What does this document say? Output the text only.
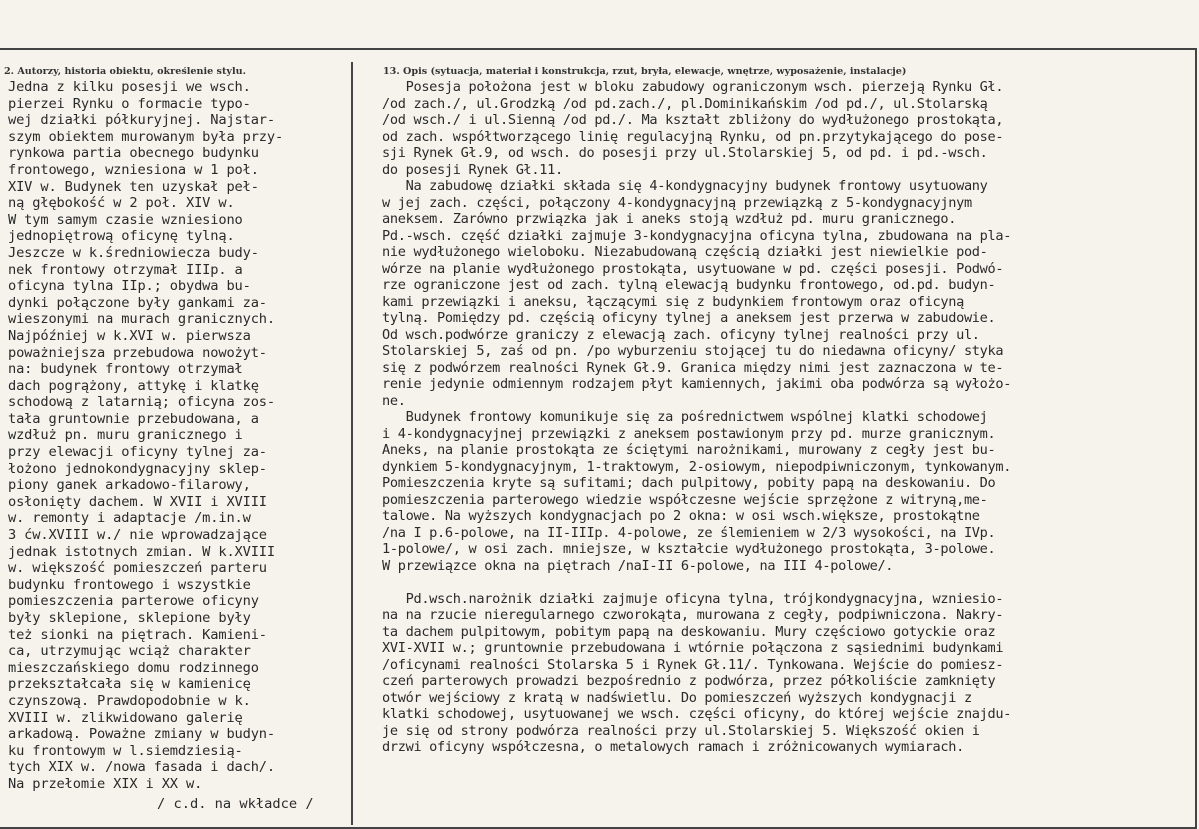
2. Autorzy, historia obiektu, określenie stylu.	13. Opis (sytuacja, materiał i konstrukcja, rzut, bryła, elewacje, wnętrze, wyposażenie, instalacje)
Jedna z kilku posesji we wsch.
pierzei Rynku o formacie typo-
wej działki półkuryjnej. Najstar-
szym obiektem murowanym była przy-
rynkowa partia obecnego budynku
frontowego, wzniesiona w 1 poł.
XIV w. Budynek ten uzyskał peł-
ną głębokość w 2 poł. XIV w.
W tym samym czasie wzniesiono
jednopiętrową oficynę tylną.
Jeszcze w k.średniowiecza budy-
nek frontowy otrzymał IIIp. a
oficyna tylna IIp.; obydwa bu-
dynki połączone były gankami za-
wieszonymi na murach granicznych.
Najpóźniej w k.XVI w. pierwsza
poważniejsza przebudowa nowożyt-
na: budynek frontowy otrzymał
dach pogrążony, attykę i klatkę
schodową z latarnią; oficyna zos-
tała gruntownie przebudowana, a
wzdłuż pn. muru granicznego i
przy elewacji oficyny tylnej za-
łożono jednokondygnacyjny sklep-
piony ganek arkadowo-filarowy,
osłonięty dachem. W XVII i XVIII
w. remonty i adaptacje /m.in.w
3 ćw.XVIII w./ nie wprowadzające
jednak istotnych zmian. W k.XVIII
w. większość pomieszczeń parteru
budynku frontowego i wszystkie
pomieszczenia parterowe oficyny
były sklepione, sklepione były
też sionki na piętrach. Kamieni-
ca, utrzymując wciąż charakter
mieszczańskiego domu rodzinnego
przekształcała się w kamienicę
czynszową. Prawdopodobnie w k.
XVIII w. zlikwidowano galerię
arkadową. Poważne zmiany w budyn-
ku frontowym w l.siemdziesią-
tych XIX w. /nowa fasada i dach/.
Na przełomie XIX i XX w.
Posesja położona jest w bloku zabudowy ograniczonym wsch. pierzeją Rynku Gł.
/od zach./, ul.Grodzką /od pd.zach./, pl.Dominikańskim /od pd./, ul.Stolarską
/od wsch./ i ul.Sienną /od pd./. Ma kształt zbliżony do wydłużonego prostokąta,
od zach. współtworzącego linię regulacyjną Rynku, od pn.przytykającego do pose-
sji Rynek Gł.9, od wsch. do posesji przy ul.Stolarskiej 5, od pd. i pd.-wsch.
do posesji Rynek Gł.11.
Na zabudowę działki składa się 4-kondygnacyjny budynek frontowy usytuowany
w jej zach. części, połączony 4-kondygnacyjną przewiązką z 5-kondygnacyjnym
aneksem. Zarówno przwiązka jak i aneks stoją wzdłuż pd. muru granicznego.
Pd.-wsch. część działki zajmuje 3-kondygnacyjna oficyna tylna, zbudowana na pla-
nie wydłużonego wieloboku. Niezabudowaną częścią działki jest niewielkie pod-
wórze na planie wydłużonego prostokąta, usytuowane w pd. części posesji. Podwó-
rze ograniczone jest od zach. tylną elewacją budynku frontowego, od.pd. budyn-
kami przewiązki i aneksu, łączącymi się z budynkiem frontowym oraz oficyną
tylną. Pomiędzy pd. częścią oficyny tylnej a aneksem jest przerwa w zabudowie.
Od wsch.podwórze graniczy z elewacją zach. oficyny tylnej realności przy ul.
Stolarskiej 5, zaś od pn. /po wyburzeniu stojącej tu do niedawna oficyny/ styka
się z podwórzem realności Rynek Gł.9. Granica między nimi jest zaznaczona w te-
renie jedynie odmiennym rodzajem płyt kamiennych, jakimi oba podwórza są wyłożo-
ne.
Budynek frontowy komunikuje się za pośrednictwem wspólnej klatki schodowej
i 4-kondygnacyjnej przewiązki z aneksem postawionym przy pd. murze granicznym.
Aneks, na planie prostokąta ze ściętymi narożnikami, murowany z cegły jest bu-
dynkiem 5-kondygnacyjnym, 1-traktowym, 2-osiowym, niepodpiwniczonym, tynkowanym.
Pomieszczenia kryte są sufitami; dach pulpitowy, pobity papą na deskowaniu. Do
pomieszczenia parterowego wiedzie współczesne wejście sprzężone z witryną,me-
talowe. Na wyższych kondygnacjach po 2 okna: w osi wsch.większe, prostokątne
/na I p.6-polowe, na II-IIIp. 4-polowe, ze ślemieniem w 2/3 wysokości, na IVp.
1-polowe/, w osi zach. mniejsze, w kształcie wydłużonego prostokąta, 3-polowe.
W przewiązce okna na piętrach /naI-II 6-polowe, na III 4-polowe/.
Pd.wsch.narożnik działki zajmuje oficyna tylna, trójkondygnacyjna, wzniesio-
na na rzucie nieregularnego czworokąta, murowana z cegły, podpiwniczona. Nakry-
ta dachem pulpitowym, pobitym papą na deskowaniu. Mury częściowo gotyckie oraz
XVI-XVII w.; gruntownie przebudowana i wtórnie połączona z sąsiednimi budynkami
/oficynami realności Stolarska 5 i Rynek Gł.11/. Tynkowana. Wejście do pomiesz-
czeń parterowych prowadzi bezpośrednio z podwórza, przez półkoliście zamknięty
otwór wejściowy z kratą w nadświetlu. Do pomieszczeń wyższych kondygnacji z
klatki schodowej, usytuowanej we wsch. części oficyny, do której wejście znajdu-
je się od strony podwórza realności przy ul.Stolarskiej 5. Większość okien i
drzwi oficyny współczesna, o metalowych ramach i zróżnicowanych wymiarach.
/ c.d. na wkładce /
